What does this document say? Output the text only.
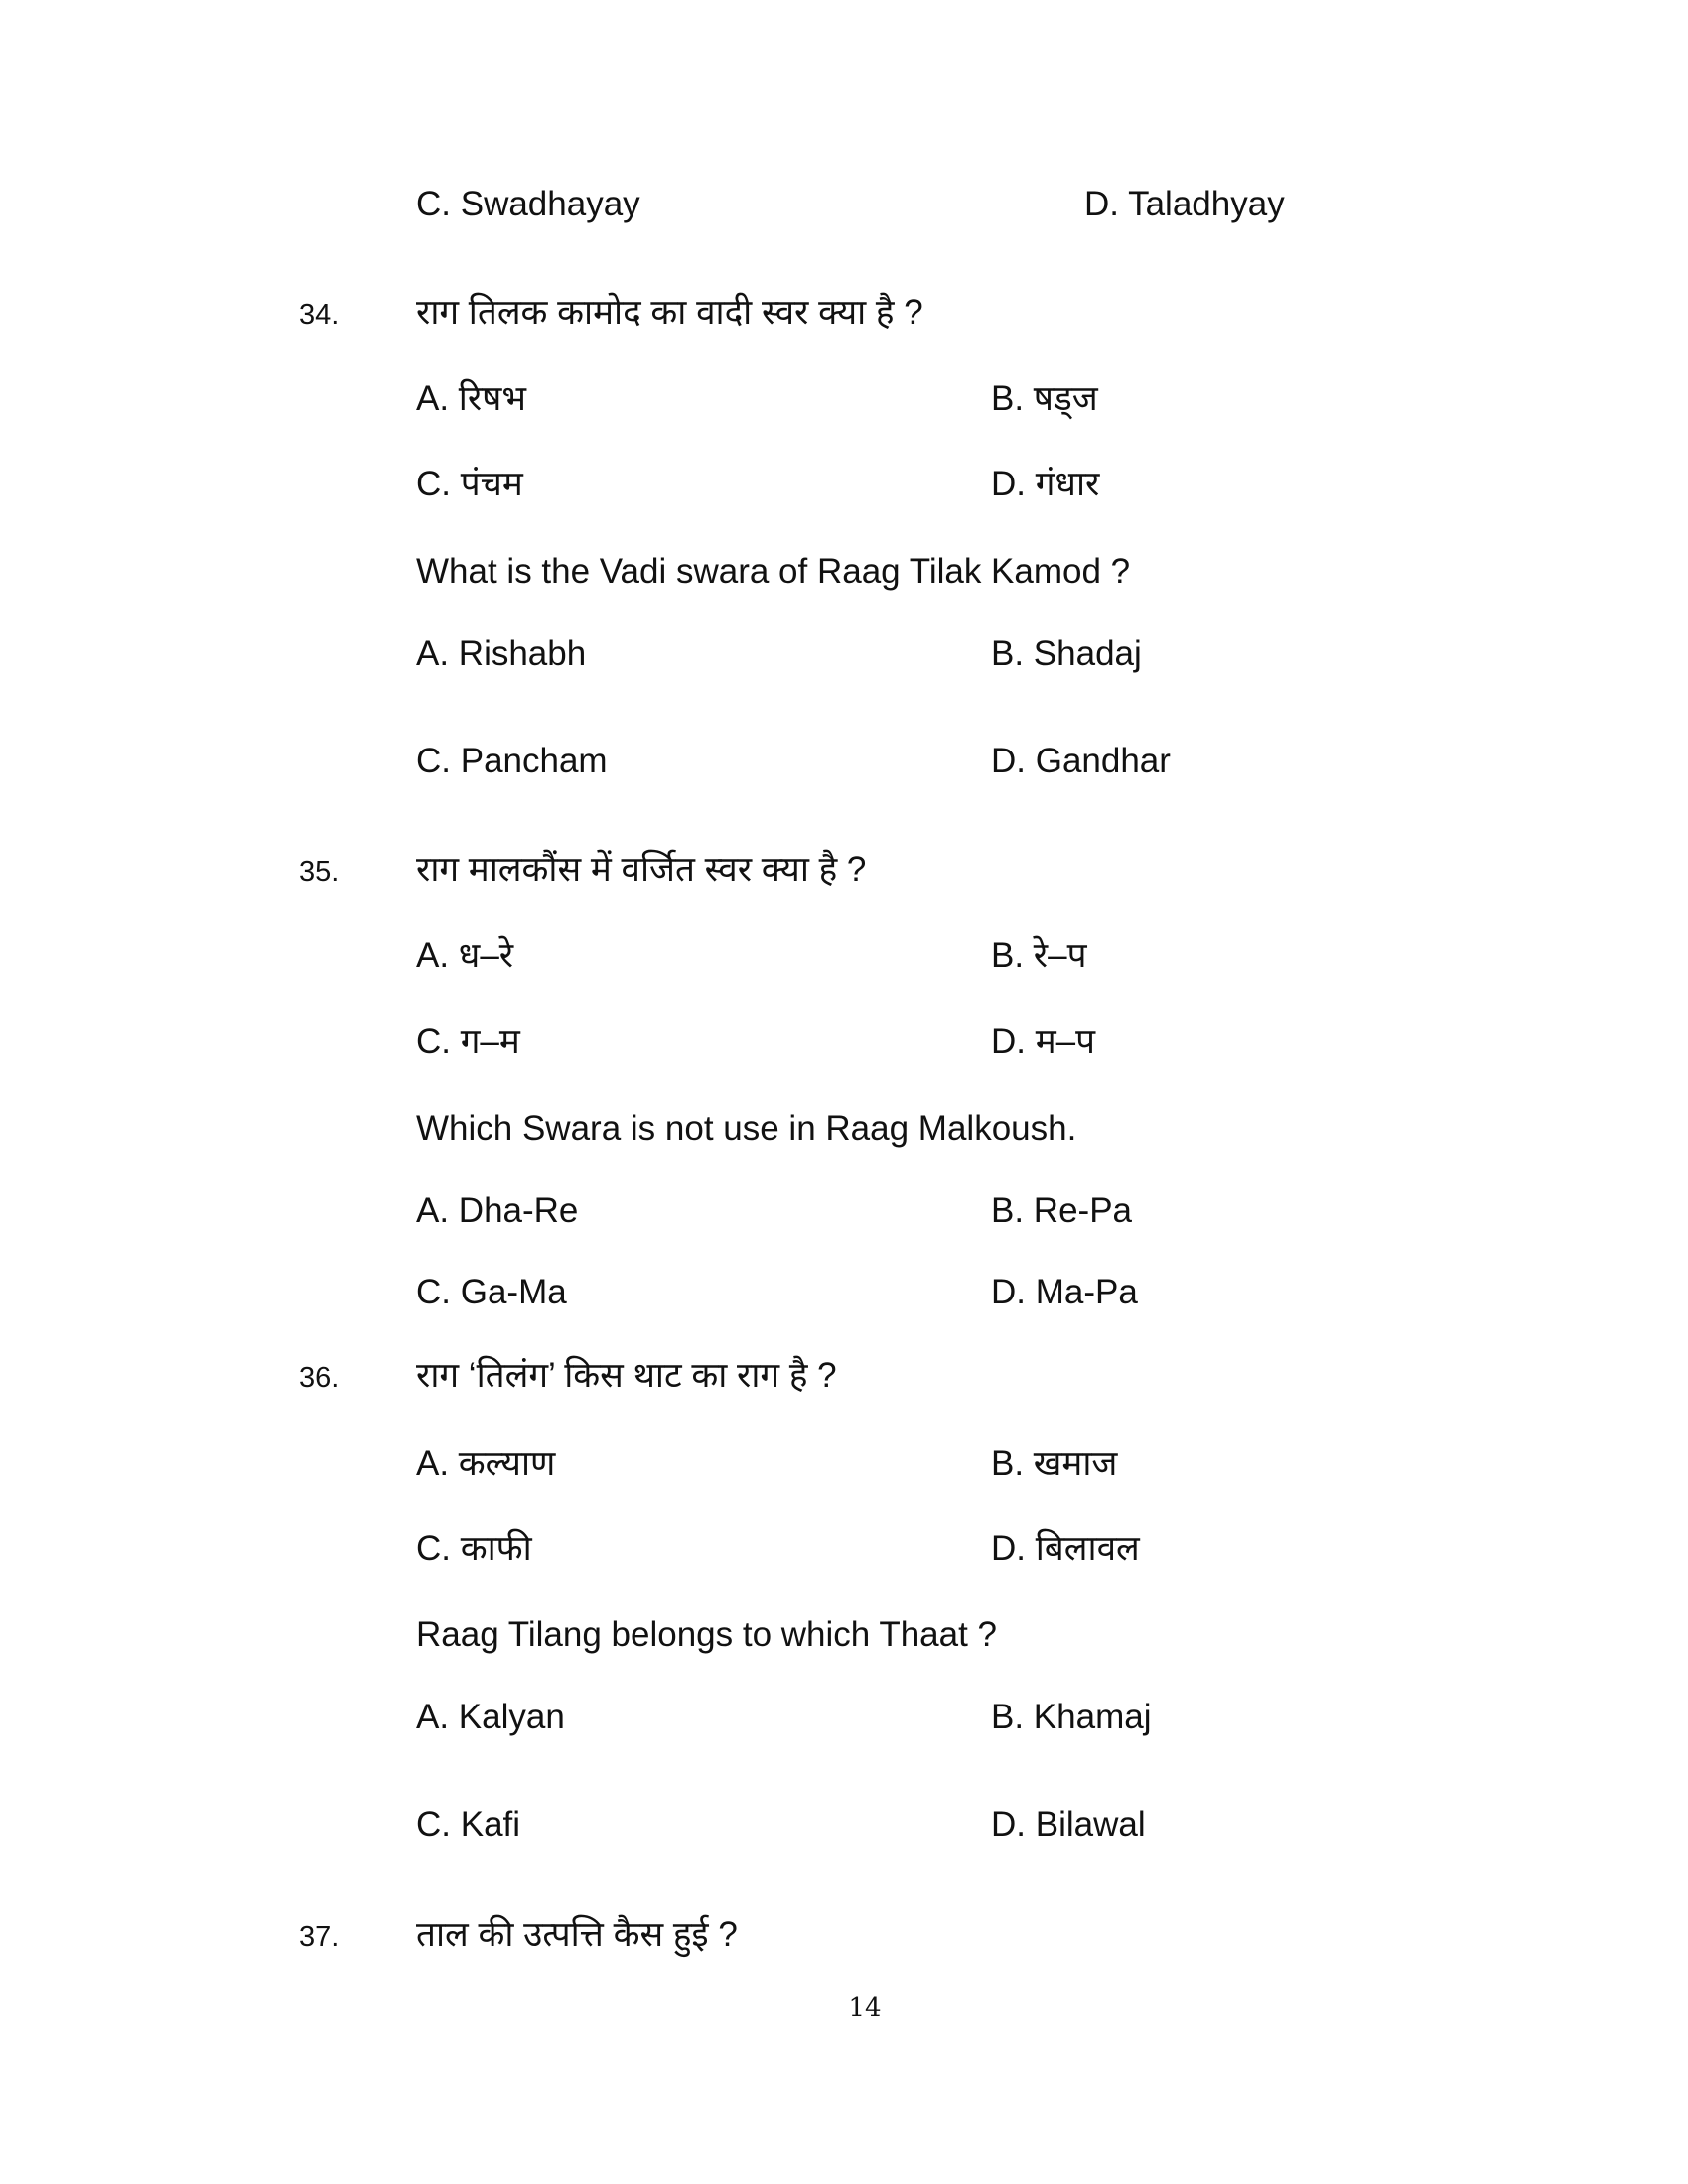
C. Swadhayay	D. Taladhyay
34. राग तिलक कामोद का वादी स्वर क्या है ?
A. रिषभ	B. षड्ज
C. पंचम	D. गंधार
What is the Vadi swara of Raag Tilak Kamod ?
A. Rishabh	B. Shadaj
C. Pancham	D. Gandhar
35. राग मालकौंस में वर्जित स्वर क्या है ?
A. ध–रे	B. रे–प
C. ग–म	D. म–प
Which Swara is not use in Raag Malkoush.
A. Dha-Re	B. Re-Pa
C. Ga-Ma	D. Ma-Pa
36. राग ‘तिलंग’ किस थाट का राग है ?
A. कल्याण	B. खमाज
C. काफी	D. बिलावल
Raag Tilang belongs to which Thaat ?
A. Kalyan	B. Khamaj
C. Kafi	D. Bilawal
37. ताल की उत्पत्ति कैस हुई ?
14
